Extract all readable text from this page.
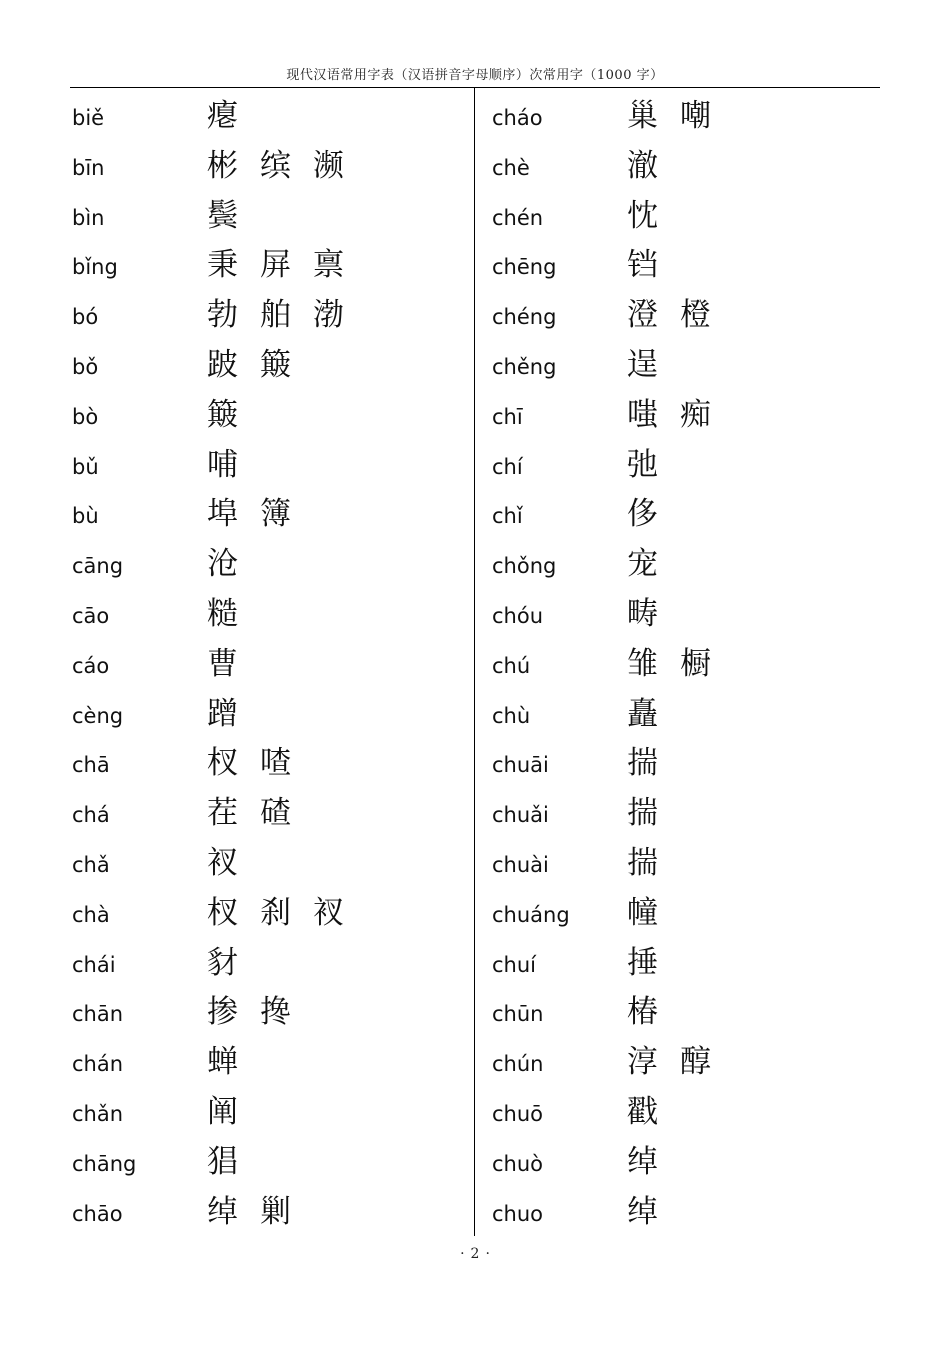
现代汉语常用字表（汉语拼音字母顺序）次常用字（1000 字）
biě	瘪
bīn	彬 缤 濒
bìn	鬓
bǐng	秉 屏 禀
bó	勃 舶 渤
bǒ	跛 簸
bò	簸
bǔ	哺
bù	埠 簿
cāng	沧
cāo	糙
cáo	曹
cèng	蹭
chā	杈 喳
chá	茬 碴
chǎ	衩
chà	杈 刹 衩
chái	豺
chān	掺 搀
chán	蝉
chǎn	阐
chāng 猖
chāo	绰 剿
cháo	巢 嘲
chè	澈
chén	忱
chēng 铛
chéng 澄 橙
chěng 逞
chī	嗤 痴
chí	弛
chǐ	侈
chǒng 宠
chóu	畴
chú	雏 橱
chù	矗
chuāi	揣
chuǎi	揣
chuài	揣
chuáng 幢
chuí	捶
chūn	椿
chún	淳 醇
chuō	戳
chuò	绰
chuo	绰
· 2 ·
